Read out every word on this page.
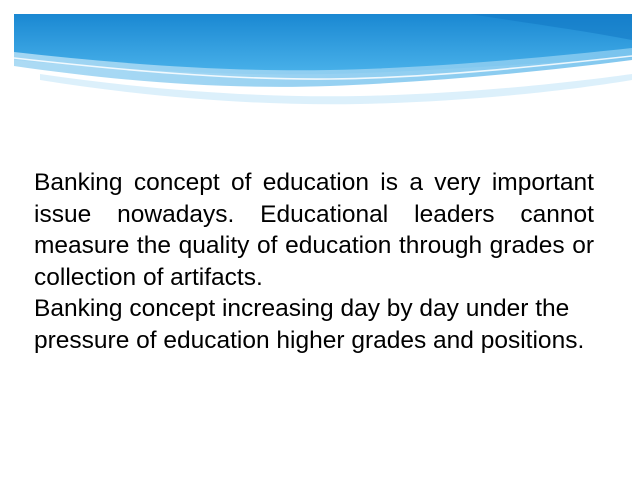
Banking concept of education is a very important issue nowadays. Educational leaders cannot measure the quality of education through grades or collection of artifacts.

Banking concept increasing day by day under the pressure of education higher grades and positions.
